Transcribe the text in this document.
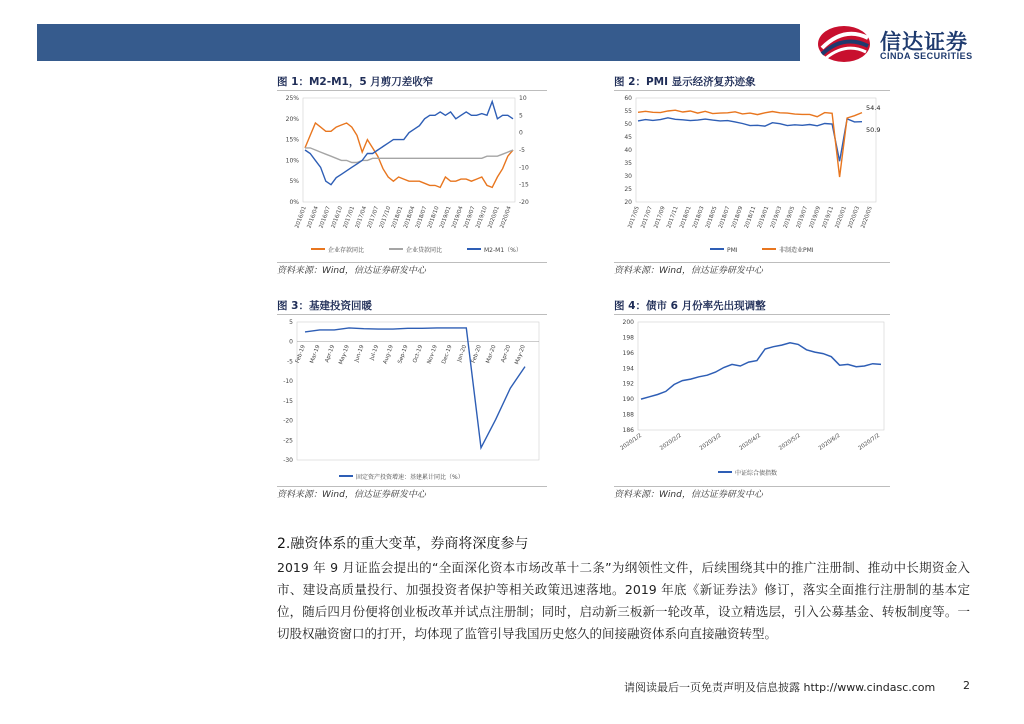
信达证券
CINDA SECURITIES
图 1：M2-M1，5 月剪刀差收窄	图 2：PMI 显示经济复苏迹象
图 3：基建投资回暖	图 4：债市 6 月份率先出现调整
25%
20%
15%
10%
5%
0%
10
5
0
-5
-10
-15
-20
2016/01
2016/04
2016/07
2016/10
2017/01
2017/04
2017/07
2017/10
2018/01
2018/04
2018/07
2018/10
2019/01
2019/04
2019/07
2019/10
2020/01
2020/04
企业存款同比	企业贷款同比	M2-M1（%）
60
55
50
45
40
35
30
25
20
2017/05 2017/07 2017/09 2017/11 2018/01 2018/03 2018/05 2018/07 2018/09 2018/11 2019/01 2019/03 2019/05 2019/07 2019/09 2019/11 2020/01 2020/03 2020/05
54.4
50.9
PMI	非制造业PMI
5
0
-5
-10
-15
-20
-25
-30
Feb-19 Mar-19 Apr-19 May-19 Jun-19 Jul-19 Aug-19 Sep-19 Oct-19 Nov-19 Dec-19 Jan-20 Feb-20 Mar-20 Apr-20 May-20
固定资产投资增速：基建累计同比（%）
200
198
196
194
192
190
188
186
2020/1/2	2020/2/2	2020/3/2	2020/4/2	2020/5/2	2020/6/2	2020/7/2
中证综合债指数
资料来源：Wind，信达证券研发中心	资料来源：Wind，信达证券研发中心
资料来源：Wind，信达证券研发中心	资料来源：Wind，信达证券研发中心
2.融资体系的重大变革，券商将深度参与
2019 年 9 月证监会提出的“全面深化资本市场改革十二条”为纲领性文件，后续围绕其中的推广注册制、推动中长期资金入市、建设高质量投行、加强投资者保护等相关政策迅速落地。2019 年底《新证券法》修订，落实全面推行注册制的基本定位，随后四月份便将创业板改革并试点注册制；同时，启动新三板新一轮改革，设立精选层，引入公募基金、转板制度等。一切股权融资窗口的打开，均体现了监管引导我国历史悠久的间接融资体系向直接融资转型。
请阅读最后一页免责声明及信息披露 http://www.cindasc.com	2
